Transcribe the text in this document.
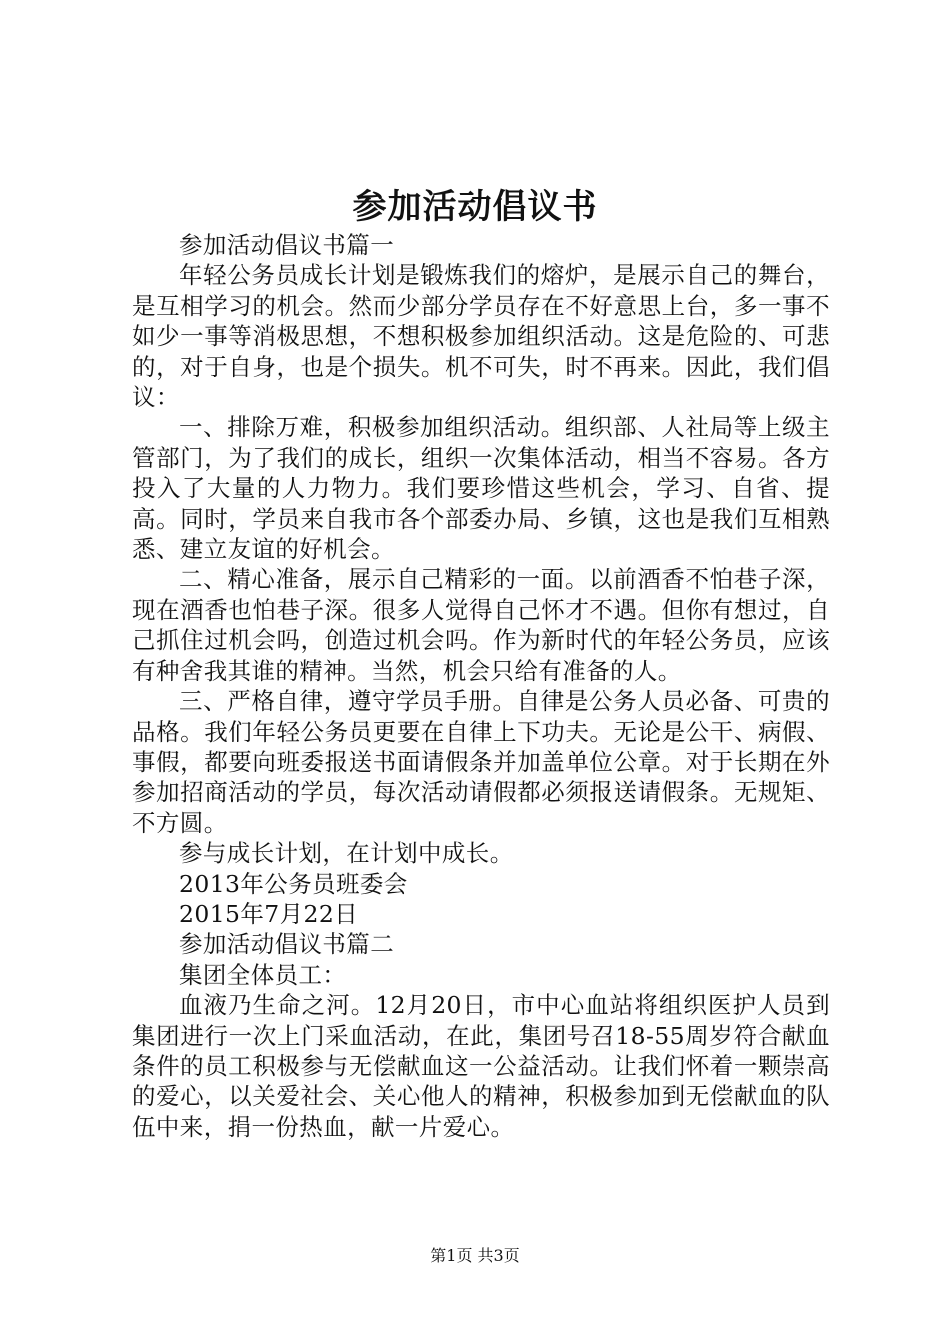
参加活动倡议书

参加活动倡议书篇一

年轻公务员成长计划是锻炼我们的熔炉，是展示自己的舞台，是互相学习的机会。然而少部分学员存在不好意思上台，多一事不如少一事等消极思想，不想积极参加组织活动。这是危险的、可悲的，对于自身，也是个损失。机不可失，时不再来。因此，我们倡议：

一、排除万难，积极参加组织活动。组织部、人社局等上级主管部门，为了我们的成长，组织一次集体活动，相当不容易。各方投入了大量的人力物力。我们要珍惜这些机会，学习、自省、提高。同时，学员来自我市各个部委办局、乡镇，这也是我们互相熟悉、建立友谊的好机会。

二、精心准备，展示自己精彩的一面。以前酒香不怕巷子深，现在酒香也怕巷子深。很多人觉得自己怀才不遇。但你有想过，自己抓住过机会吗，创造过机会吗。作为新时代的年轻公务员，应该有种舍我其谁的精神。当然，机会只给有准备的人。

三、严格自律，遵守学员手册。自律是公务人员必备、可贵的品格。我们年轻公务员更要在自律上下功夫。无论是公干、病假、事假，都要向班委报送书面请假条并加盖单位公章。对于长期在外参加招商活动的学员，每次活动请假都必须报送请假条。无规矩、不方圆。

参与成长计划，在计划中成长。

2013年公务员班委会

2015年7月22日

参加活动倡议书篇二

集团全体员工：

血液乃生命之河。12月20日，市中心血站将组织医护人员到集团进行一次上门采血活动，在此，集团号召18-55周岁符合献血条件的员工积极参与无偿献血这一公益活动。让我们怀着一颗崇高的爱心，以关爱社会、关心他人的精神，积极参加到无偿献血的队伍中来，捐一份热血，献一片爱心。

第1页 共3页
